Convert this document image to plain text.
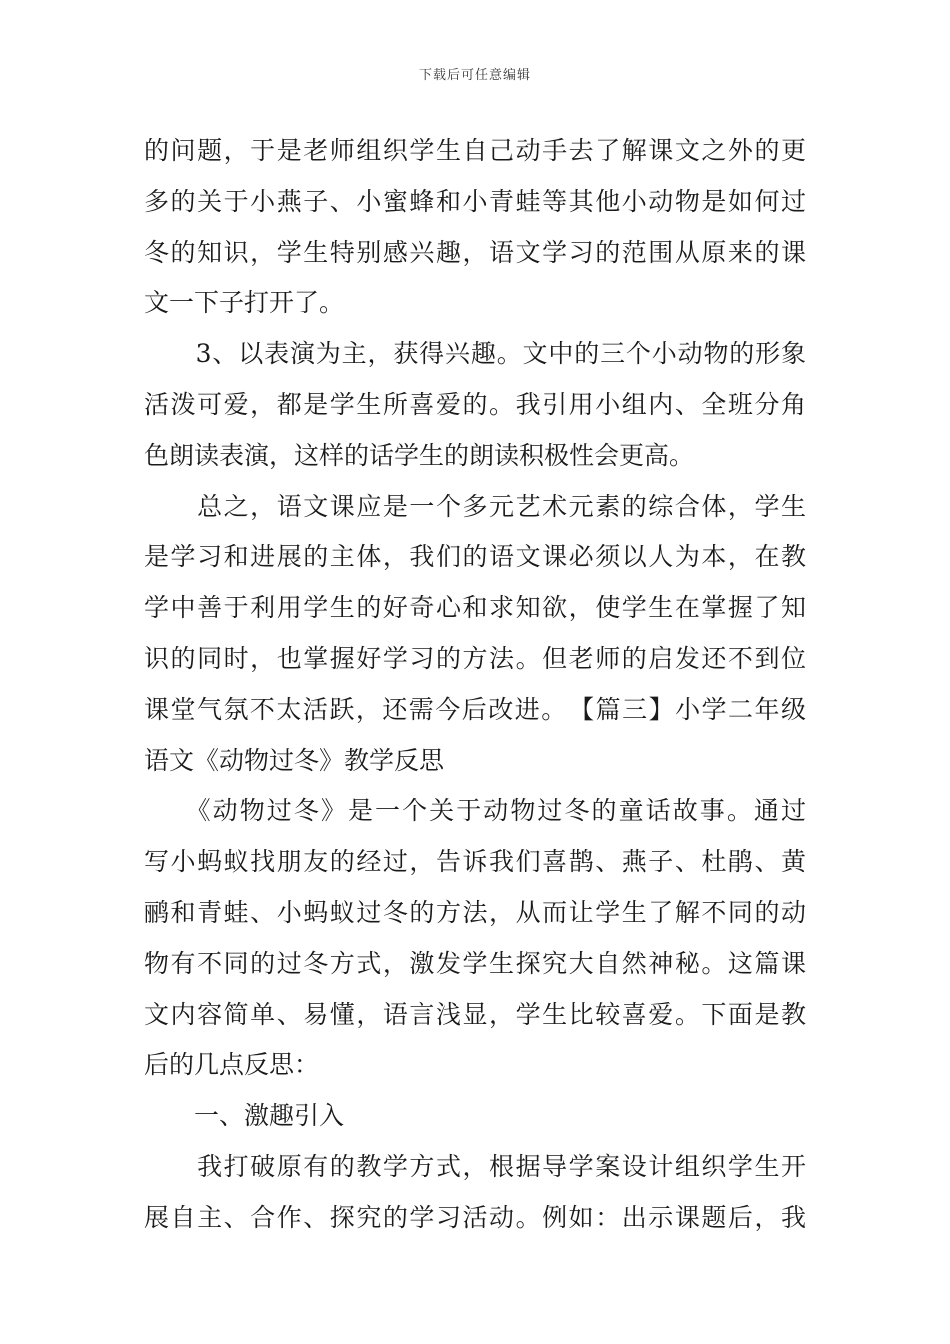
下载后可任意编辑
的问题，于是老师组织学生自己动手去了解课文之外的更
多的关于小燕子、小蜜蜂和小青蛙等其他小动物是如何过
冬的知识，学生特别感兴趣，语文学习的范围从原来的课
文一下子打开了。
　　3、以表演为主，获得兴趣。文中的三个小动物的形象
活泼可爱，都是学生所喜爱的。我引用小组内、全班分角
色朗读表演，这样的话学生的朗读积极性会更高。
　　总之，语文课应是一个多元艺术元素的综合体，学生
是学习和进展的主体，我们的语文课必须以人为本，在教
学中善于利用学生的好奇心和求知欲，使学生在掌握了知
识的同时，也掌握好学习的方法。但老师的启发还不到位
课堂气氛不太活跃，还需今后改进。　【篇三】小学二年级
语文《动物过冬》教学反思
　　《动物过冬》是一个关于动物过冬的童话故事。通过
写小蚂蚁找朋友的经过，告诉我们喜鹊、燕子、杜鹃、黄
鹂和青蛙、小蚂蚁过冬的方法，从而让学生了解不同的动
物有不同的过冬方式，激发学生探究大自然神秘。这篇课
文内容简单、易懂，语言浅显，学生比较喜爱。下面是教
后的几点反思：
　　一、激趣引入
　　我打破原有的教学方式，根据导学案设计组织学生开
展自主、合作、探究的学习活动。例如：出示课题后，我
